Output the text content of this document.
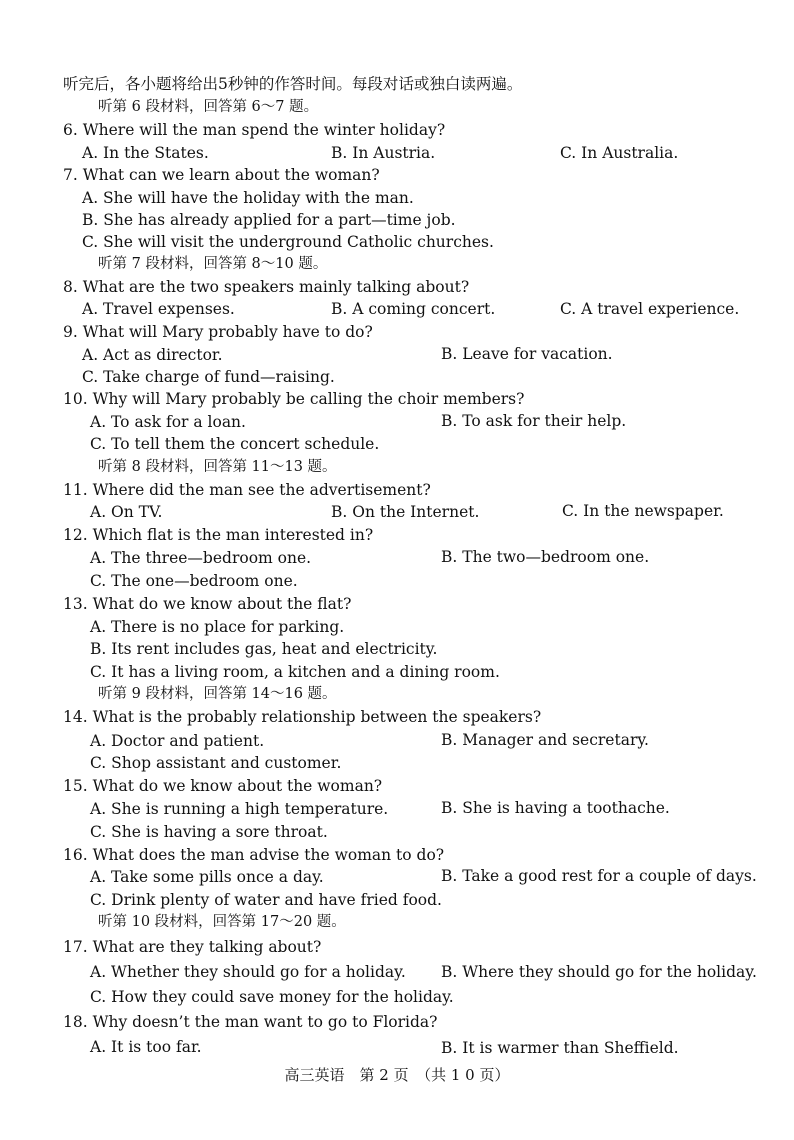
听完后，各小题将给出5秒钟的作答时间。每段对话或独白读两遍。
听第 6 段材料，回答第 6～7 题。
6. Where will the man spend the winter holiday?
A. In the States.	B. In Austria.	C. In Australia.
7. What can we learn about the woman?
A. She will have the holiday with the man.
B. She has already applied for a part—time job.
C. She will visit the underground Catholic churches.
听第 7 段材料，回答第 8～10 题。
8. What are the two speakers mainly talking about?
A. Travel expenses.	B. A coming concert.	C. A travel experience.
9. What will Mary probably have to do?
A. Act as director.	B. Leave for vacation.
C. Take charge of fund—raising.
10. Why will Mary probably be calling the choir members?
A. To ask for a loan.	B. To ask for their help.
C. To tell them the concert schedule.
听第 8 段材料，回答第 11～13 题。
11. Where did the man see the advertisement?
A. On TV.	B. On the Internet.	C. In the newspaper.
12. Which flat is the man interested in?
A. The three—bedroom one.	B. The two—bedroom one.
C. The one—bedroom one.
13. What do we know about the flat?
A. There is no place for parking.
B. Its rent includes gas, heat and electricity.
C. It has a living room, a kitchen and a dining room.
听第 9 段材料，回答第 14～16 题。
14. What is the probably relationship between the speakers?
A. Doctor and patient.	B. Manager and secretary.
C. Shop assistant and customer.
15. What do we know about the woman?
A. She is running a high temperature.	B. She is having a toothache.
C. She is having a sore throat.
16. What does the man advise the woman to do?
A. Take some pills once a day.	B. Take a good rest for a couple of days.
C. Drink plenty of water and have fried food.
听第 10 段材料，回答第 17～20 题。
17. What are they talking about?
A. Whether they should go for a holiday. B. Where they should go for the holiday.
C. How they could save money for the holiday.
18. Why doesn’t the man want to go to Florida?
A. It is too far.	B. It is warmer than Sheffield.
高三英语　第 2 页　（共 1 0 页）
